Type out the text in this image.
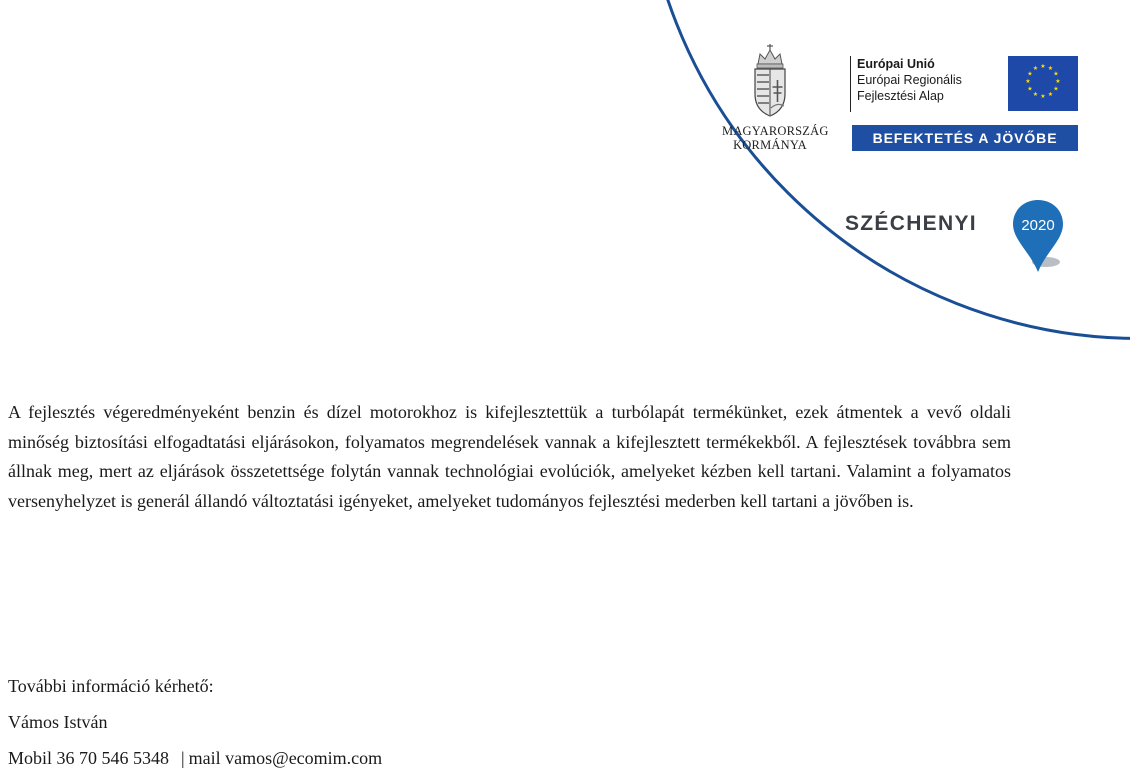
MAGYARORSZÁG
KORMÁNYA
Európai Unió
Európai Regionális
Fejlesztési Alap
★ ★
★
★
★
★
★
★
★
★
★
★
BEFEKTETÉS A JÖVŐBE
SZÉCHENYI	2020

A fejlesztés végeredményeként benzin és dízel motorokhoz is kifejlesztettük a turbólapát termékünket, ezek átmentek a vevő oldali minőség biztosítási elfogadtatási eljárásokon, folyamatos megrendelések vannak a kifejlesztett termékekből. A fejlesztések továbbra sem állnak meg, mert az eljárások összetettsége folytán vannak technológiai evolúciók, amelyeket kézben kell tartani. Valamint a folyamatos versenyhelyzet is generál állandó változtatási igényeket, amelyeket tudományos fejlesztési mederben kell tartani a jövőben is.

További információ kérhető:
Vámos István
Mobil 36 70 546 5348 | mail vamos@ecomim.com
